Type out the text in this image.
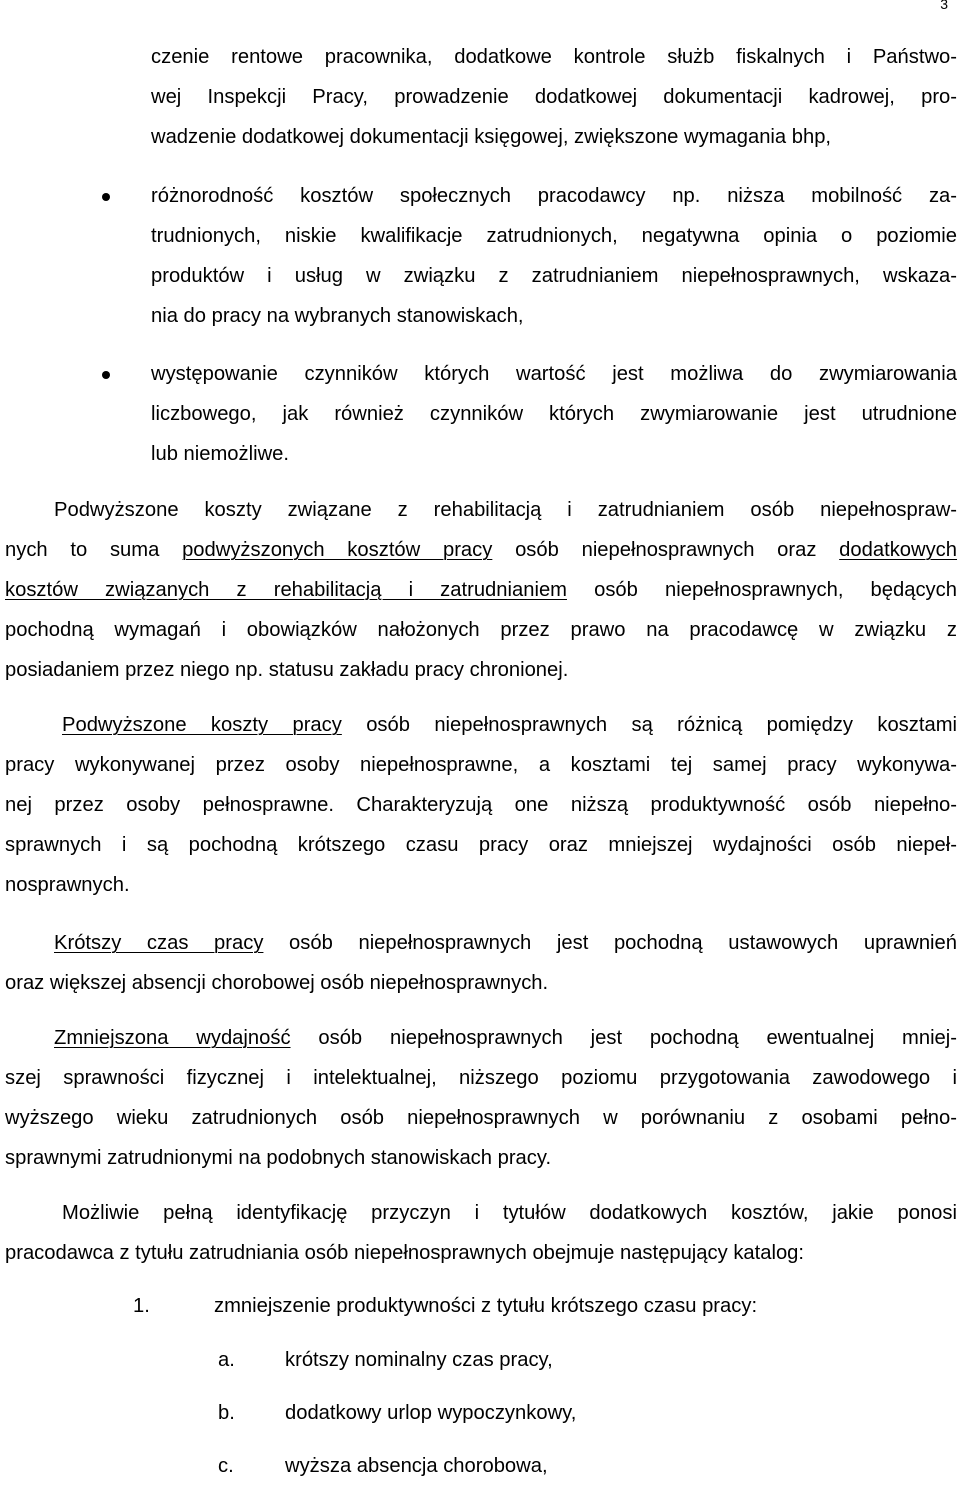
3
czenie rentowe pracownika, dodatkowe kontrole służb fiskalnych i Państwo-
wej Inspekcji Pracy, prowadzenie dodatkowej dokumentacji kadrowej, pro-
wadzenie dodatkowej dokumentacji księgowej, zwiększone wymagania bhp,
różnorodność kosztów społecznych pracodawcy np. niższa mobilność za-
trudnionych, niskie kwalifikacje zatrudnionych, negatywna opinia o poziomie
produktów i usług w związku z zatrudnianiem niepełnosprawnych, wskaza-
nia do pracy na wybranych stanowiskach,
występowanie czynników których wartość jest możliwa do zwymiarowania
liczbowego, jak również czynników których zwymiarowanie jest utrudnione
lub niemożliwe.
Podwyższone koszty związane z rehabilitacją i zatrudnianiem osób niepełnospraw-
nych to suma podwyższonych kosztów pracy osób niepełnosprawnych oraz dodatkowych
kosztów związanych z rehabilitacją i zatrudnianiem osób niepełnosprawnych, będących
pochodną wymagań i obowiązków nałożonych przez prawo na pracodawcę w związku z
posiadaniem przez niego np. statusu zakładu pracy chronionej.
Podwyższone koszty pracy osób niepełnosprawnych są różnicą pomiędzy kosztami
pracy wykonywanej przez osoby niepełnosprawne, a kosztami tej samej pracy wykonywa-
nej przez osoby pełnosprawne. Charakteryzują one niższą produktywność osób niepełno-
sprawnych i są pochodną krótszego czasu pracy oraz mniejszej wydajności osób niepeł-
nosprawnych.
Krótszy czas pracy osób niepełnosprawnych jest pochodną ustawowych uprawnień
oraz większej absencji chorobowej osób niepełnosprawnych.
Zmniejszona wydajność osób niepełnosprawnych jest pochodną ewentualnej mniej-
szej sprawności fizycznej i intelektualnej, niższego poziomu przygotowania zawodowego i
wyższego wieku zatrudnionych osób niepełnosprawnych w porównaniu z osobami pełno-
sprawnymi zatrudnionymi na podobnych stanowiskach pracy.
Możliwie pełną identyfikację przyczyn i tytułów dodatkowych kosztów, jakie ponosi
pracodawca z tytułu zatrudniania osób niepełnosprawnych obejmuje następujący katalog:
1.	zmniejszenie produktywności z tytułu krótszego czasu pracy:
a. krótszy nominalny czas pracy,
b. dodatkowy urlop wypoczynkowy,
c.	wyższa absencja chorobowa,
